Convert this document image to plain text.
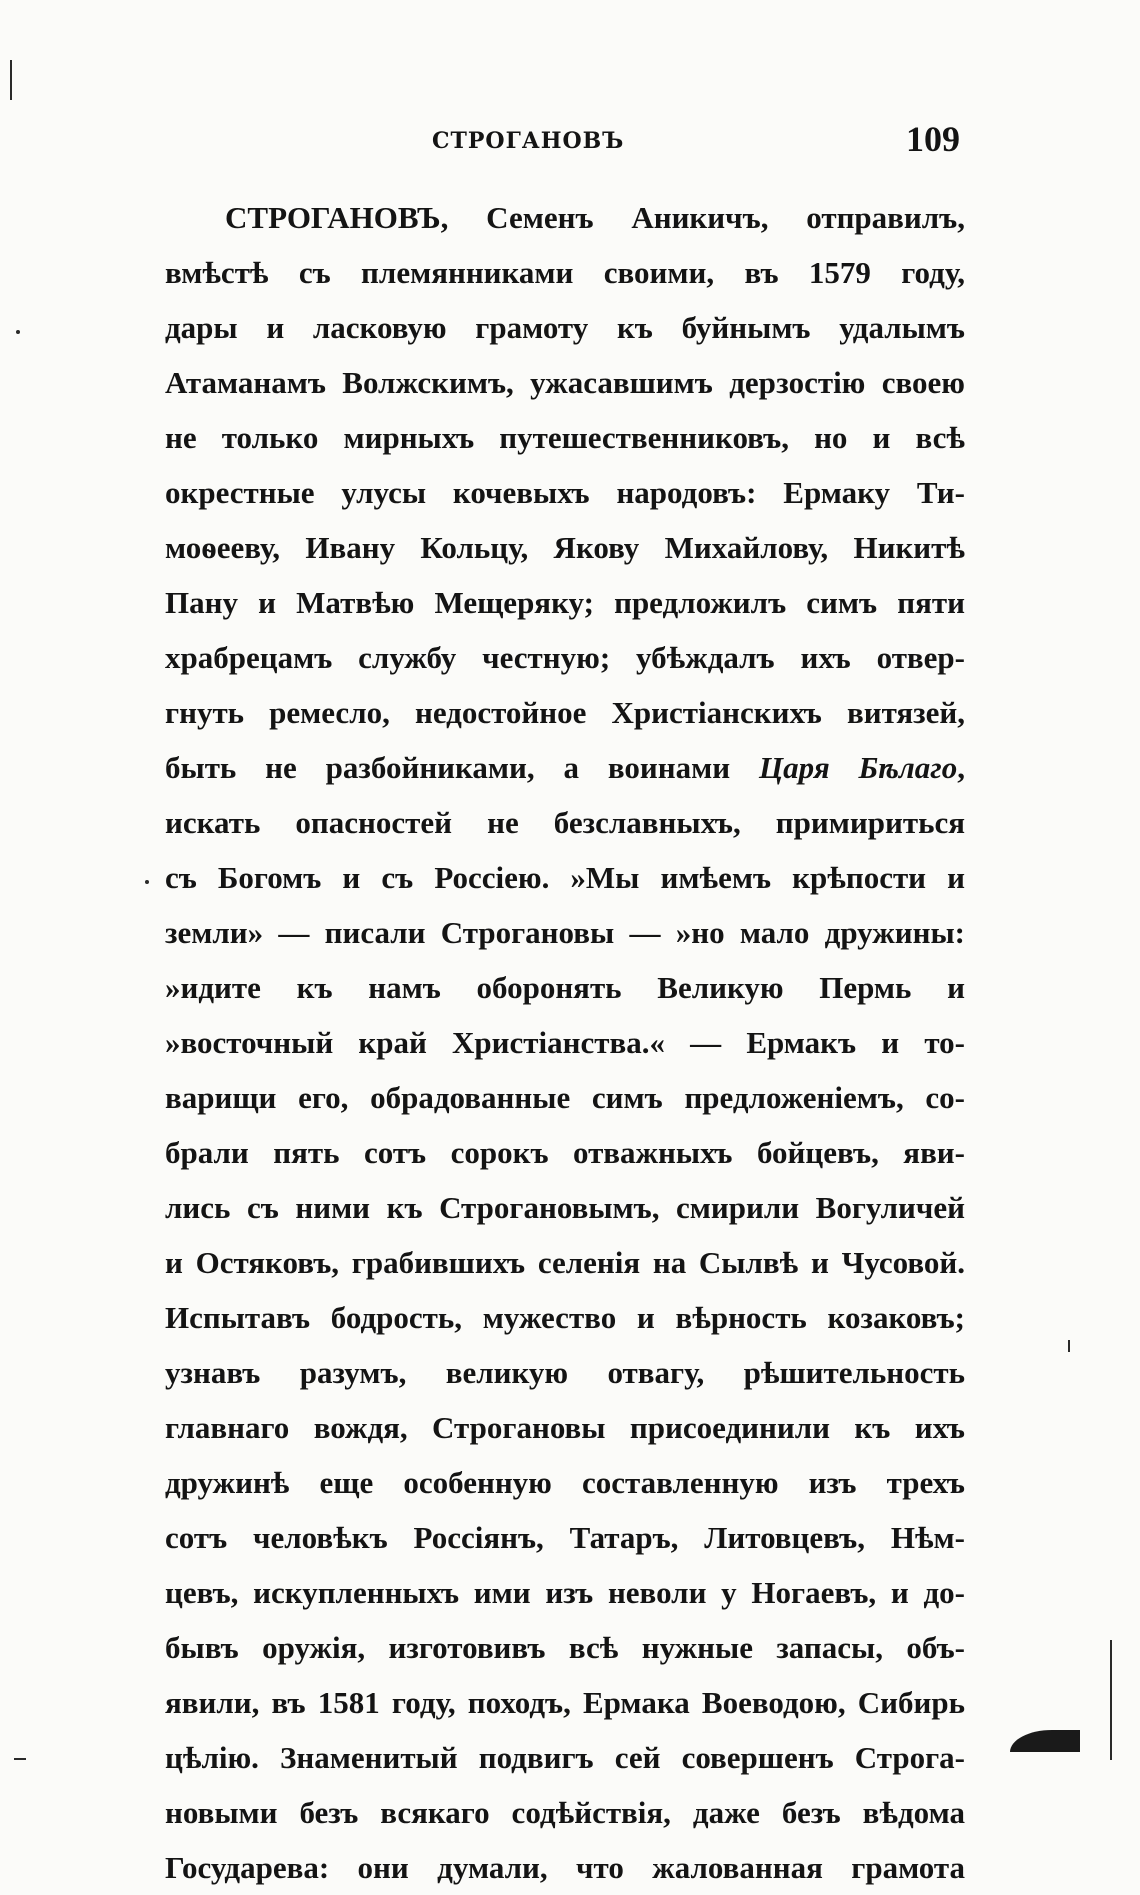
СТРОГАНОВЪ	109
СТРОГАНОВЪ, Семенъ Аникичъ, отправилъ,
вмѣстѣ съ племянниками своими, въ 1579 году,
дары и ласковую грамоту къ буйнымъ удалымъ
Атаманамъ Волжскимъ, ужасавшимъ дерзостію своею
не только мирныхъ путешественниковъ, но и всѣ
окрестные улусы кочевыхъ народовъ: Ермаку Ти-
моѳееву, Ивану Кольцу, Якову Михайлову, Никитѣ
Пану и Матвѣю Мещеряку; предложилъ симъ пяти
храбрецамъ службу честную; убѣждалъ ихъ отвер-
гнуть ремесло, недостойное Христіанскихъ витязей,
быть не разбойниками, а воинами Царя Бѣлаго,
искать опасностей не безславныхъ, примириться
съ Богомъ и съ Россіею. »Мы имѣемъ крѣпости и
земли» — писали Строгановы — »но мало дружины:
»идите къ намъ оборонять Великую Пермь и
»восточный край Христіанства.« — Ермакъ и то-
варищи его, обрадованные симъ предложеніемъ, со-
брали пять сотъ сорокъ отважныхъ бойцевъ, яви-
лись съ ними къ Строгановымъ, смирили Вогуличей
и Остяковъ, грабившихъ селенія на Сылвѣ и Чусовой.
Испытавъ бодрость, мужество и вѣрность козаковъ;
узнавъ разумъ, великую отвагу, рѣшительность
главнаго вождя, Строгановы присоединили къ ихъ
дружинѣ еще особенную составленную изъ трехъ
сотъ человѣкъ Россіянъ, Татаръ, Литовцевъ, Нѣм-
цевъ, искупленныхъ ими изъ неволи у Ногаевъ, и до-
бывъ оружія, изготовивъ всѣ нужные запасы, объ-
явили, въ 1581 году, походъ, Ермака Воеводою, Сибирь
цѣлію. Знаменитый подвигъ сей совершенъ Строга-
новыми безъ всякаго содѣйствія, даже безъ вѣдома
Государева: они думали, что жалованная грамота
